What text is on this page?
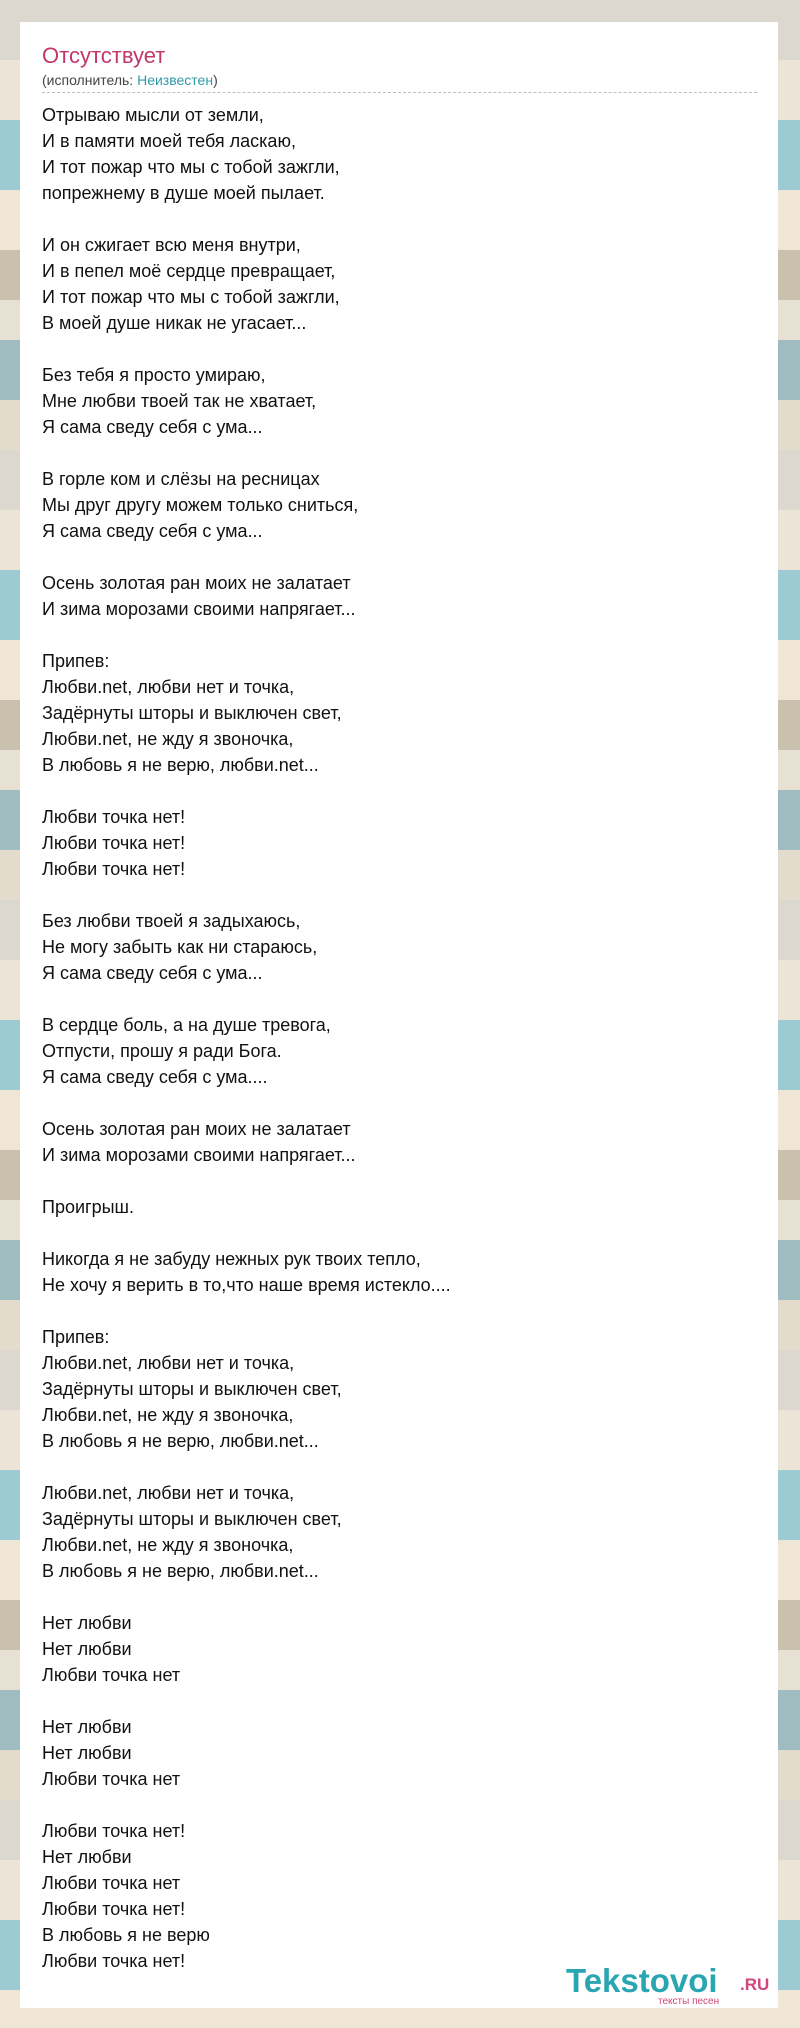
Отсутствует
(исполнитель: Неизвестен)
Отрываю мысли от земли,
И в памяти моей тебя ласкаю,
И тот пожар что мы с тобой зажгли,
попрежнему в душе моей пылает.

И он сжигает всю меня внутри,
И в пепел моё сердце превращает,
И тот пожар что мы с тобой зажгли,
В моей душе никак не угасает...

Без тебя я просто умираю,
Мне любви твоей так не хватает,
Я сама сведу себя с ума...

В горле ком и слёзы на ресницах
Мы друг другу можем только сниться,
Я сама сведу себя с ума...

Осень золотая ран моих не залатает
И зима морозами своими напрягает...

Припев:
Любви.net, любви нет и точка,
Задёрнуты шторы и выключен свет,
Любви.net, не жду я звоночка,
В любовь я не верю, любви.net...

Любви точка нет!
Любви точка нет!
Любви точка нет!

Без любви твоей я задыхаюсь,
Не могу забыть как ни стараюсь,
Я сама сведу себя с ума...

В сердце боль, а на душе тревога,
Отпусти, прошу я ради Бога.
Я сама сведу себя с ума....

Осень золотая ран моих не залатает
И зима морозами своими напрягает...

Проигрыш.

Никогда я не забуду нежных рук твоих тепло,
Не хочу я верить в то,что наше время истекло....

Припев:
Любви.net, любви нет и точка,
Задёрнуты шторы и выключен свет,
Любви.net, не жду я звоночка,
В любовь я не верю, любви.net...

Любви.net, любви нет и точка,
Задёрнуты шторы и выключен свет,
Любви.net, не жду я звоночка,
В любовь я не верю, любви.net...

Нет любви
Нет любви
Любви точка нет

Нет любви
Нет любви
Любви точка нет

Любви точка нет!
Нет любви
Любви точка нет
Любви точка нет!
В любовь я не верю
Любви точка нет!
Tekstovoi .RU
тексты песен
